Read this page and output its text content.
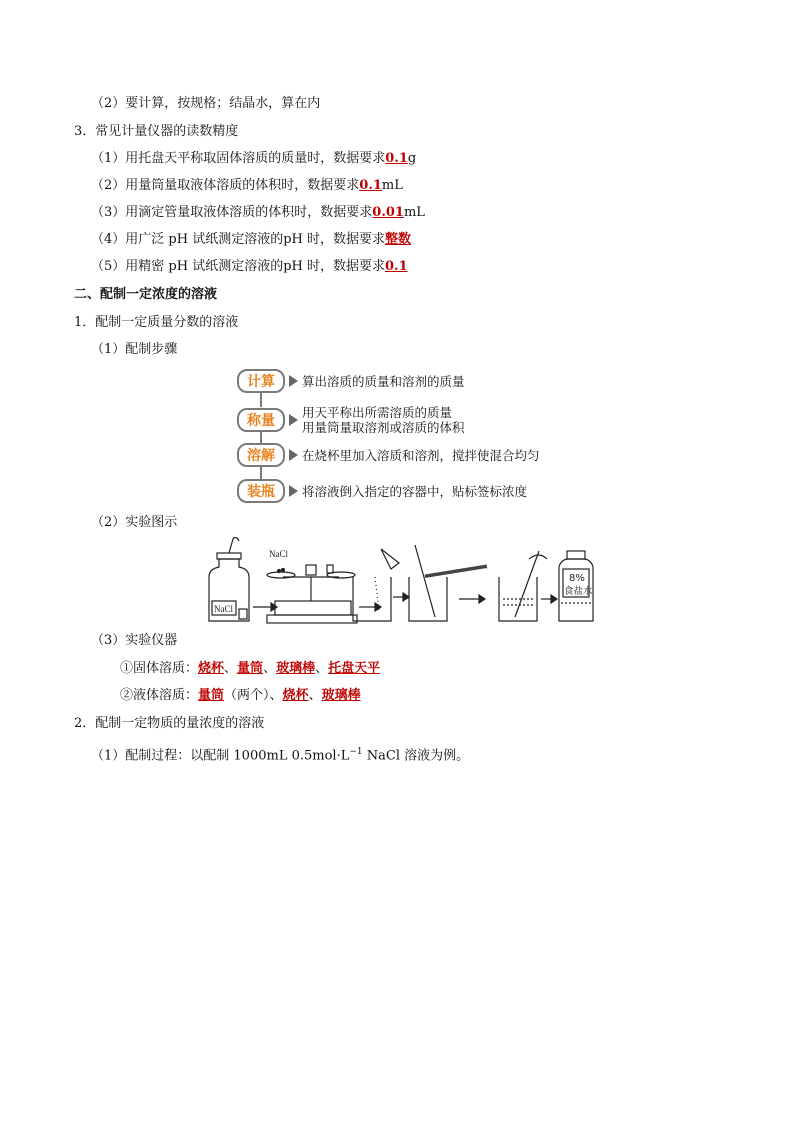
（2）要计算，按规格；结晶水，算在内
3．常见计量仪器的读数精度
（1）用托盘天平称取固体溶质的质量时，数据要求0.1g
（2）用量筒量取液体溶质的体积时，数据要求0.1mL
（3）用滴定管量取液体溶质的体积时，数据要求0.01mL
（4）用广泛 pH 试纸测定溶液的pH 时，数据要求整数
（5）用精密 pH 试纸测定溶液的pH 时，数据要求0.1
二、配制一定浓度的溶液
1．配制一定质量分数的溶液
（1）配制步骤
计算	算出溶质的质量和溶剂的质量
称量
用天平称出所需溶质的质量
用量筒量取溶剂或溶质的体积
溶解	在烧杯里加入溶质和溶剂，搅拌使混合均匀
装瓶	将溶液倒入指定的容器中，贴标签标浓度
（2）实验图示
NaCl
NaCl
8%
食盐水
（3）实验仪器
①固体溶质：烧杯、量筒、玻璃棒、托盘天平
②液体溶质：量筒（两个）、烧杯、玻璃棒
2．配制一定物质的量浓度的溶液
（1）配制过程：以配制 1000mL $0.5mol\cdot L^{-1}$ NaCl 溶液为例。
